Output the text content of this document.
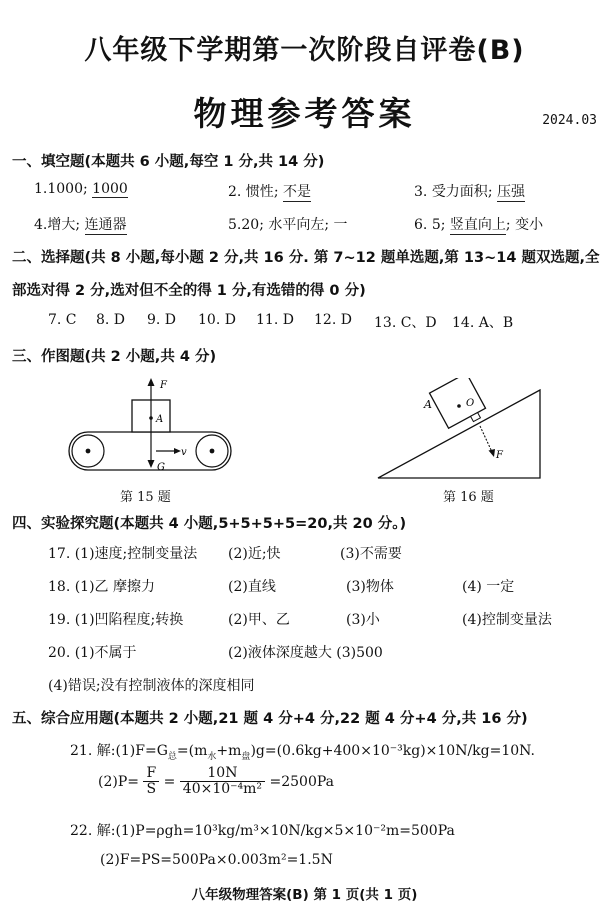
八年级下学期第一次阶段自评卷(B)
物理参考答案	2024.03
一、填空题(本题共 6 小题,每空 1 分,共 14 分)
1.1000; 1000	2. 惯性; 不是	3. 受力面积; 压强
4.增大; 连通器	5.20; 水平向左; 一	6. 5; 竖直向上; 变小
二、选择题(共 8 小题,每小题 2 分,共 16 分. 第 7~12 题单选题,第 13~14 题双选题,全
部选对得 2 分,选对但不全的得 1 分,有选错的得 0 分)
7. C 8. D 9. D 10. D 11. D 12. D 13. C、D 14. A、B
三、作图题(共 2 小题,共 4 分)
F
A
v
G
第 15 题
A	O
F
第 16 题
四、实验探究题(本题共 4 小题,5+5+5+5=20,共 20 分。)
17. (1)速度;控制变量法 (2)近;快	(3)不需要
18. (1)乙 摩擦力	(2)直线	(3)物体	(4) 一定
19. (1)凹陷程度;转换	(2)甲、乙	(3)小	(4)控制变量法
20. (1)不属于	(2)液体深度越大 (3)500
(4)错误;没有控制液体的深度相同
五、综合应用题(本题共 2 小题,21 题 4 分+4 分,22 题 4 分+4 分,共 16 分)
21. 解$:(1)F=G_总=(m_水+m_盘)g=(0.6kg+400\times 10^{-3}kg)\times 10N/kg=10N$.
$(2)P= \frac{F}{S} = \frac{10N}{\text{40×10⁻⁴m²}} =2500Pa$
22. 解:(1)P=ρgh=10³kg/m³×10N/kg×5×10⁻²m=500Pa
(2)F=PS=500Pa×0.003m²=1.5N
八年级物理答案(B) 第 1 页(共 1 页)
